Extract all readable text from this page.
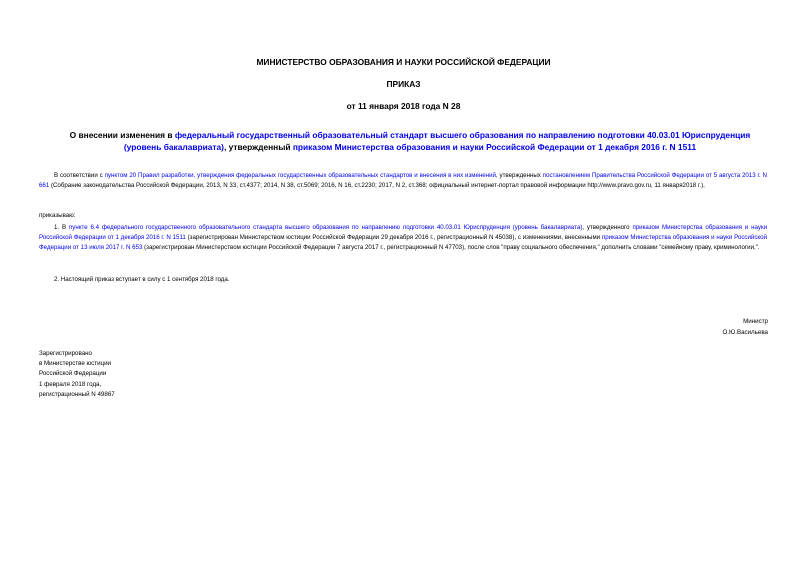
МИНИСТЕРСТВО ОБРАЗОВАНИЯ И НАУКИ РОССИЙСКОЙ ФЕДЕРАЦИИ

ПРИКАЗ

от 11 января 2018 года N 28

О внесении изменения в федеральный государственный образовательный стандарт высшего образования по направлению подготовки 40.03.01 Юриспруденция (уровень бакалавриата), утвержденный приказом Министерства образования и науки Российской Федерации от 1 декабря 2016 г. N 1511
В соответствии с пунктом 20 Правил разработки, утверждения федеральных государственных образовательных стандартов и внесения в них изменений, утвержденных постановлением Правительства Российской Федерации от 5 августа 2013 г. N 661 (Собрание законодательства Российской Федерации, 2013, N 33, ст.4377; 2014, N 38, ст.5069; 2016, N 16, ст.2230; 2017, N 2, ст.368; официальный интернет-портал правовой информации http://www.pravo.gov.ru, 11 января2018 г.),
приказываю:
1. В пункте 6.4 федерального государственного образовательного стандарта высшего образования по направлению подготовки 40.03.01 Юриспруденция (уровень бакалавриата), утвержденного приказом Министерства образования и науки Российской Федерации от 1 декабря 2016 г. N 1511 (зарегистрирован Министерством юстиции Российской Федерации 29 декабря 2016 г., регистрационный N 45038), с изменениями, внесенными приказом Министерства образования и науки Российской Федерации от 13 июля 2017 г. N 653 (зарегистрирован Министерством юстиции Российской Федерации 7 августа 2017 г., регистрационный N 47703), после слов "праву социального обеспечения," дополнить словами "семейному праву, криминологии,".
2. Настоящий приказ вступает в силу с 1 сентября 2018 года.
Министр
О.Ю.Васильева
Зарегистрировано
в Министерстве юстиции
Российской Федерации
1 февраля 2018 года,
регистрационный N 49867
